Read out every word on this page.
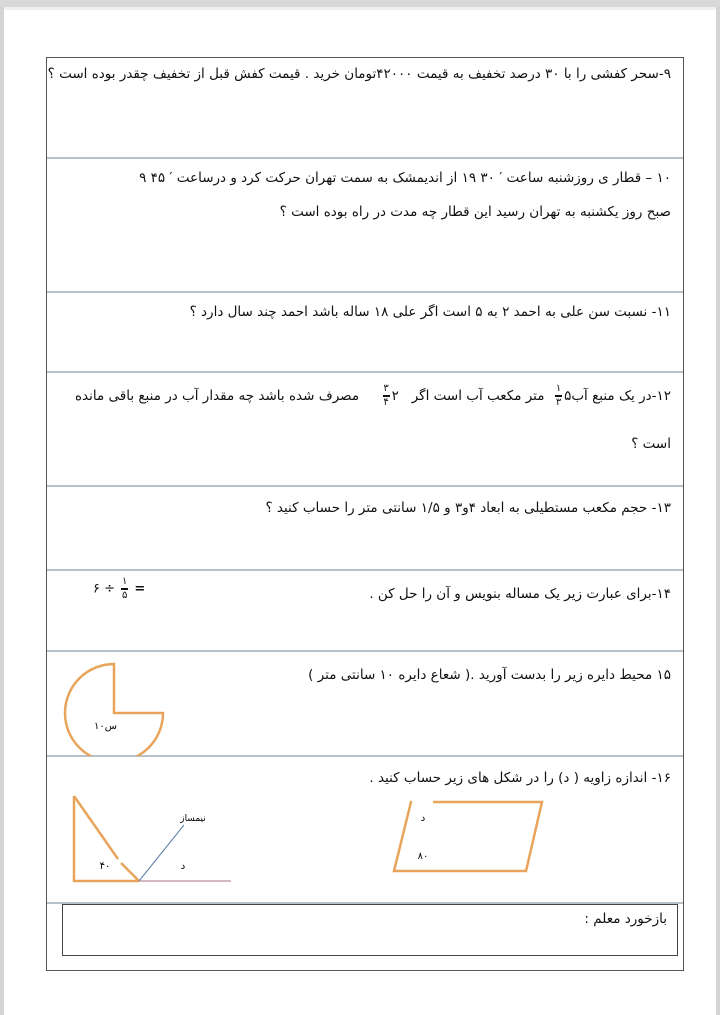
۹-سحر کفشی را با ۳۰ درصد تخفیف به قیمت ۴۲۰۰۰تومان خرید . قیمت کفش قبل از تخفیف چقدر بوده است ؟
۱۰ – قطار ی روزشنبه ساعت ′ ۳۰ ۱۹ از اندیمشک به سمت تهران حرکت کرد و درساعت ′ ۴۵ ۹
صبح روز یکشنبه به تهران رسید این قطار چه مدت در راه بوده است ؟
۱۱- نسبت سن علی به احمد ۲ به ۵ است اگر علی ۱۸ ساله باشد احمد چند سال دارد ؟
۱۲-در یک منبع آب۵
$\frac{۱}{۳}$
متر مکعب آب است اگر   ۲
$\frac{۳}{۴}$
مصرف شده باشد چه مقدار آب در منبع باقی مانده
است ؟
۱۳- حجم مکعب مستطیلی به ابعاد ۴و۳ و ۱/۵ سانتی متر را حساب کنید ؟
۱۴-برای عبارت زیر یک مساله بنویس و آن را حل کن .
۶ ÷ $\frac{۱}{۵}$ =
۱۵ محیط دایره زیر را بدست آورید .( شعاع دایره ۱۰ سانتی متر )
س۱۰
۱۶- اندازه زاویه ( د) را در شکل های زیر حساب کنید .
نیمساز
۴۰	د
د
۸۰
بازخورد معلم :
